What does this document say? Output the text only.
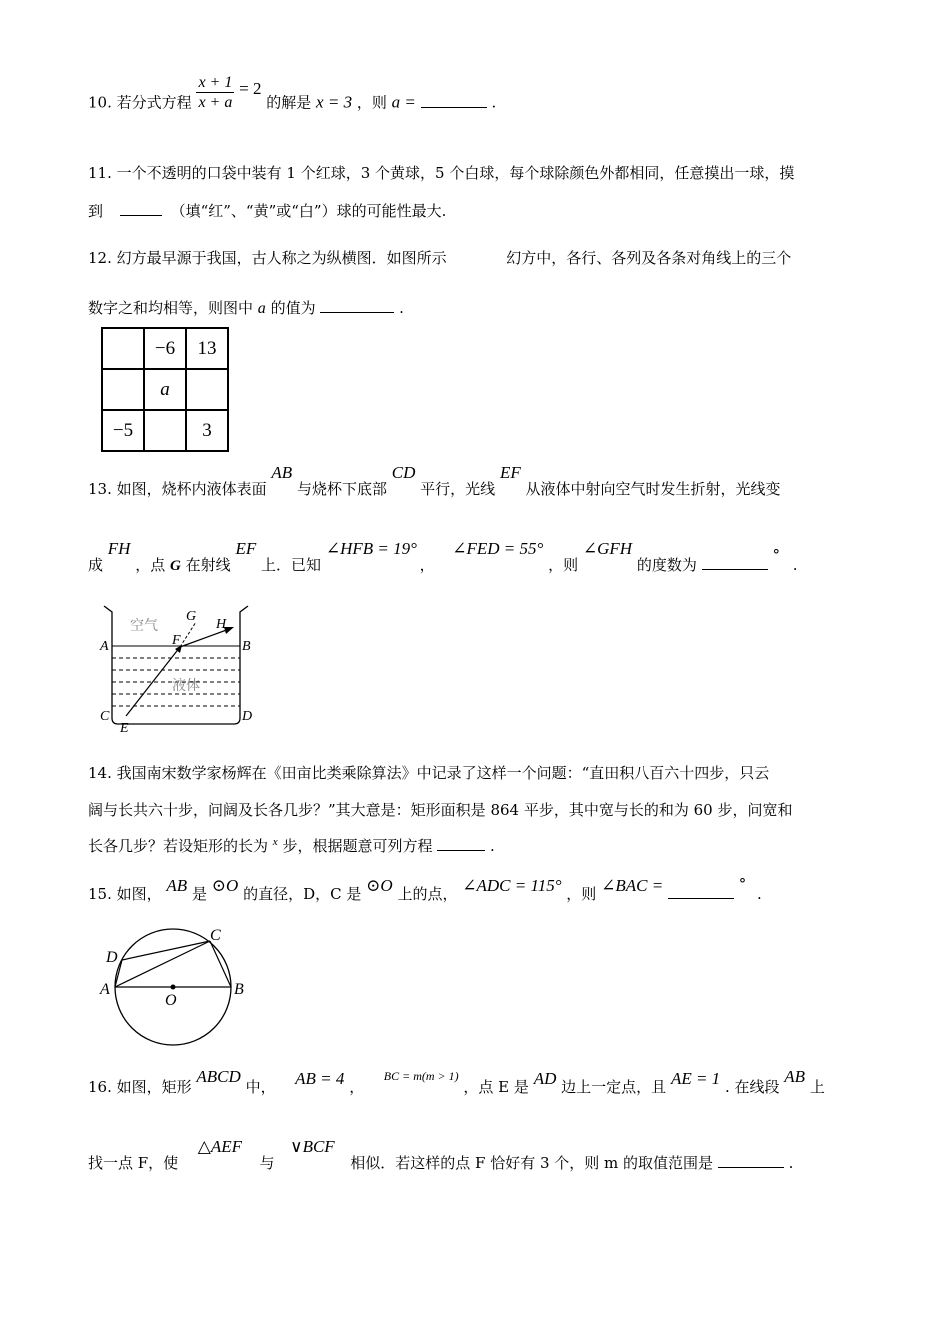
10. 若分式方程 $\frac{x + 1}{x + a} = 2$ 的解是 x = 3 ，则 a =	.
11. 一个不透明的口袋中装有 1 个红球，3 个黄球，5 个白球，每个球除颜色外都相同，任意摸出一球，摸
到	（填“红”、“黄”或“白”）球的可能性最大.
12. 幻方最早源于我国，古人称之为纵横图．如图所示	幻方中，各行、各列及各条对角线上的三个
数字之和均相等，则图中 a 的值为	.
	−6	13
	a	
−5		3
13. 如图，烧杯内液体表面 AB 与烧杯下底部 CD 平行，光线 EF 从液体中射向空气时发生折射，光线变
成 FH ，点 G 在射线 EF 上．已知 ∠HFB = 19° ，  ∠FED = 55° ，则 ∠GFH 的度数为  ° .
空气
液体
A	B
C	D
E
F
G
H
14. 我国南宋数学家杨辉在《田亩比类乘除算法》中记录了这样一个问题：“直田积八百六十四步，只云
阔与长共六十步，问阔及长各几步？”其大意是：矩形面积是 864 平步，其中宽与长的和为 60 步，问宽和
长各几步？若设矩形的长为 $^x$ 步，根据题意可列方程	.
15. 如图， AB 是 ⊙O 的直径，D，C 是 ⊙O 上的点， ∠ADC = 115° ，则 ∠BAC =	° .
A	B
C
D
O
16. 如图，矩形 ABCD 中， AB = 4 ，  $^{BC = m(m > 1)}$ ，点 E 是 AD 边上一定点，且 AE = 1 . 在线段 AB 上
找一点 F，使  △AEF  与  ∨BCF  相似．若这样的点 F 恰好有 3 个，则 m 的取值范围是	.
